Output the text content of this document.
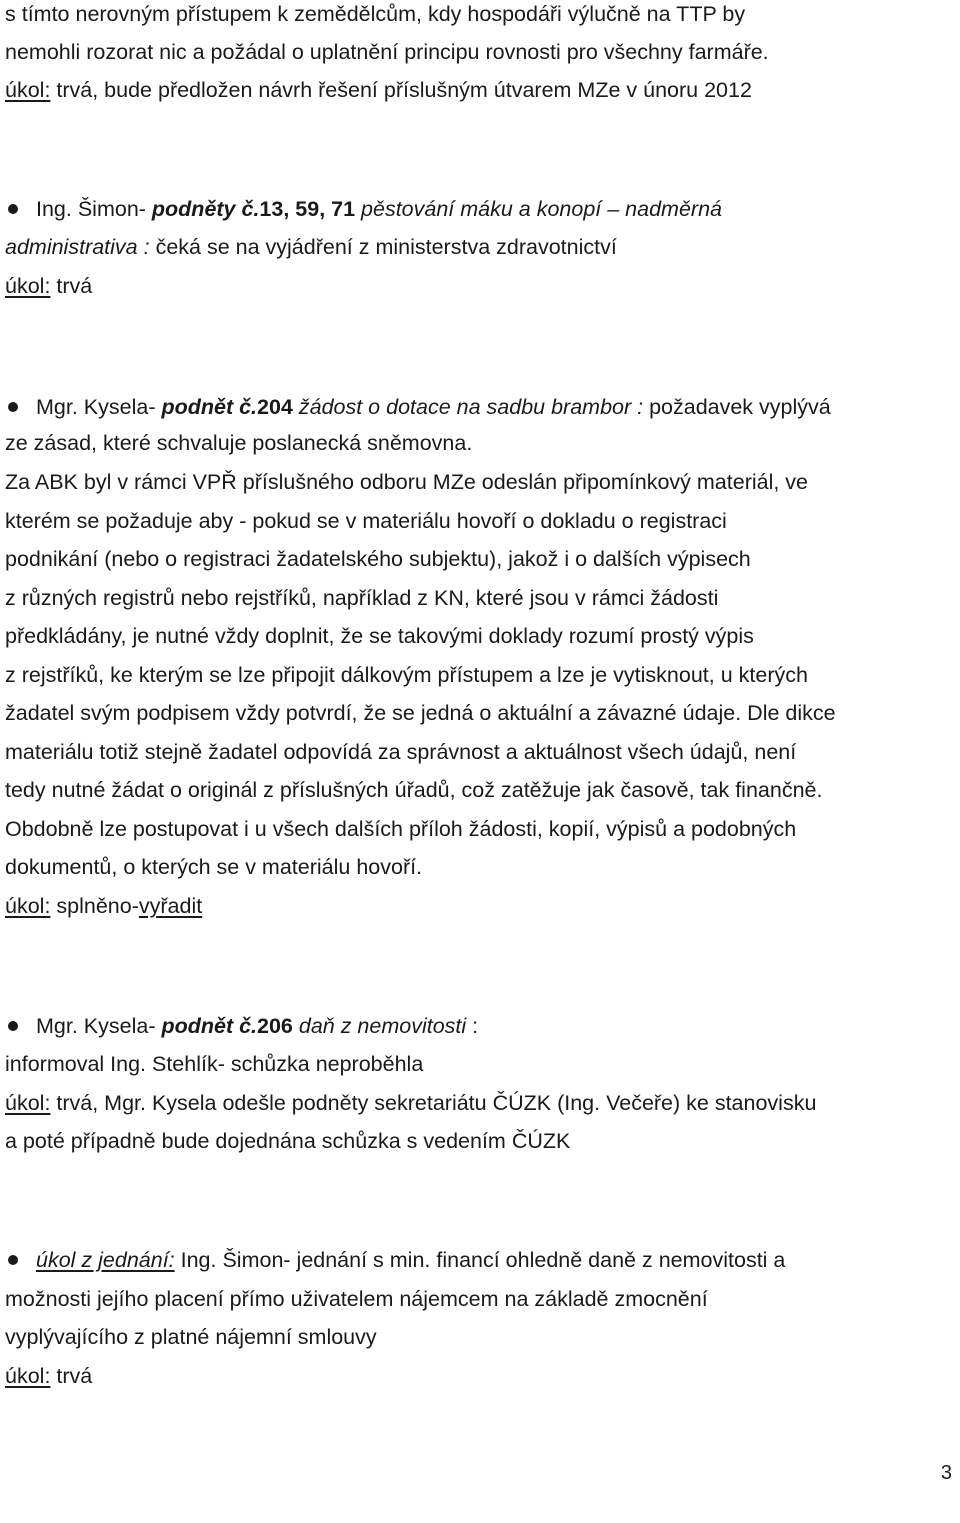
s tímto nerovným přístupem k zemědělcům, kdy hospodáři výlučně na TTP by
nemohli rozorat nic a požádal o uplatnění principu rovnosti pro všechny farmáře.
úkol: trvá, bude předložen návrh řešení příslušným útvarem MZe v únoru 2012
Ing. Šimon- podněty č.13, 59, 71 pěstování máku a konopí – nadměrná
administrativa : čeká se na vyjádření z ministerstva zdravotnictví
úkol: trvá
Mgr. Kysela- podnět č.204 žádost o dotace na sadbu brambor : požadavek vyplývá
ze zásad, které schvaluje poslanecká sněmovna.
Za ABK byl v rámci VPŘ příslušného odboru MZe odeslán připomínkový materiál, ve
kterém se požaduje aby - pokud se v materiálu hovoří o dokladu o registraci
podnikání (nebo o registraci žadatelského subjektu), jakož i o dalších výpisech
z různých registrů nebo rejstříků, například z KN, které jsou v rámci žádosti
předkládány, je nutné vždy doplnit, že se takovými doklady rozumí prostý výpis
z rejstříků, ke kterým se lze připojit dálkovým přístupem a lze je vytisknout, u kterých
žadatel svým podpisem vždy potvrdí, že se jedná o aktuální a závazné údaje. Dle dikce
materiálu totiž stejně žadatel odpovídá za správnost a aktuálnost všech údajů, není
tedy nutné žádat o originál z příslušných úřadů, což zatěžuje jak časově, tak finančně.
Obdobně lze postupovat i u všech dalších příloh žádosti, kopií, výpisů a podobných
dokumentů, o kterých se v materiálu hovoří.
úkol: splněno-vyřadit
Mgr. Kysela- podnět č.206 daň z nemovitosti :
informoval Ing. Stehlík- schůzka neproběhla
úkol: trvá, Mgr. Kysela odešle podněty sekretariátu ČÚZK (Ing. Večeře) ke stanovisku
a poté případně bude dojednána schůzka s vedením ČÚZK
úkol z jednání: Ing. Šimon- jednání s min. financí ohledně daně z nemovitosti a
možnosti jejího placení přímo uživatelem nájemcem na základě zmocnění
vyplývajícího z platné nájemní smlouvy
úkol: trvá
3
